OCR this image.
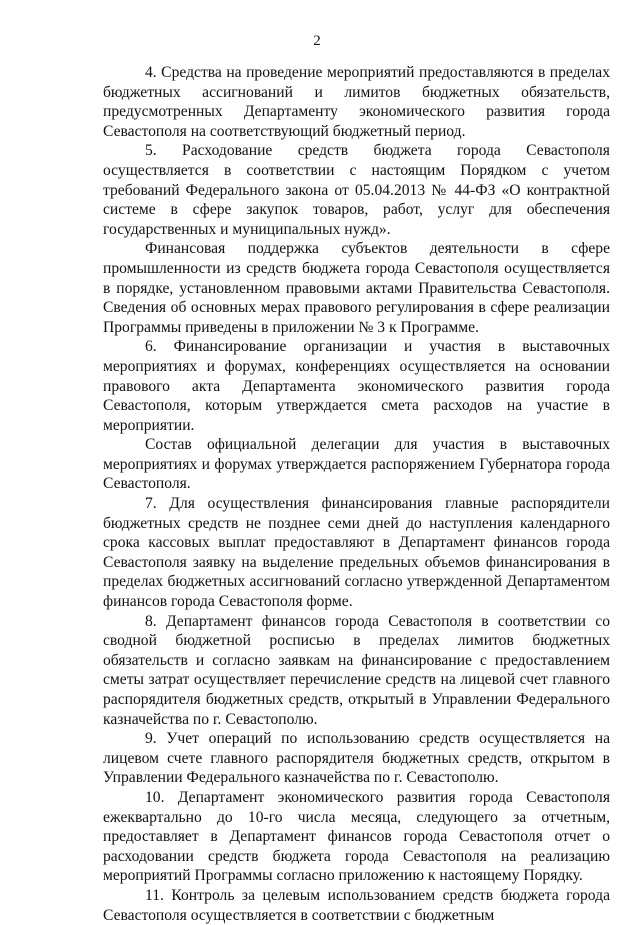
2

4. Средства на проведение мероприятий предоставляются в пределах бюджетных ассигнований и лимитов бюджетных обязательств, предусмотренных Департаменту экономического развития города Севастополя на соответствующий бюджетный период.

5. Расходование средств бюджета города Севастополя осуществляется в соответствии с настоящим Порядком с учетом требований Федерального закона от 05.04.2013 № 44-ФЗ «О контрактной системе в сфере закупок товаров, работ, услуг для обеспечения государственных и муниципальных нужд».

Финансовая поддержка субъектов деятельности в сфере промышленности из средств бюджета города Севастополя осуществляется в порядке, установленном правовыми актами Правительства Севастополя. Сведения об основных мерах правового регулирования в сфере реализации Программы приведены в приложении № 3 к Программе.

6. Финансирование организации и участия в выставочных мероприятиях и форумах, конференциях осуществляется на основании правового акта Департамента экономического развития города Севастополя, которым утверждается смета расходов на участие в мероприятии.

Состав официальной делегации для участия в выставочных мероприятиях и форумах утверждается распоряжением Губернатора города Севастополя.

7. Для осуществления финансирования главные распорядители бюджетных средств не позднее семи дней до наступления календарного срока кассовых выплат предоставляют в Департамент финансов города Севастополя заявку на выделение предельных объемов финансирования в пределах бюджетных ассигнований согласно утвержденной Департаментом финансов города Севастополя форме.

8. Департамент финансов города Севастополя в соответствии со сводной бюджетной росписью в пределах лимитов бюджетных обязательств и согласно заявкам на финансирование с предоставлением сметы затрат осуществляет перечисление средств на лицевой счет главного распорядителя бюджетных средств, открытый в Управлении Федерального казначейства по г. Севастополю.

9. Учет операций по использованию средств осуществляется на лицевом счете главного распорядителя бюджетных средств, открытом в Управлении Федерального казначейства по г. Севастополю.

10. Департамент экономического развития города Севастополя ежеквартально до 10-го числа месяца, следующего за отчетным, предоставляет в Департамент финансов города Севастополя отчет о расходовании средств бюджета города Севастополя на реализацию мероприятий Программы согласно приложению к настоящему Порядку.

11. Контроль за целевым использованием средств бюджета города Севастополя осуществляется в соответствии с бюджетным
